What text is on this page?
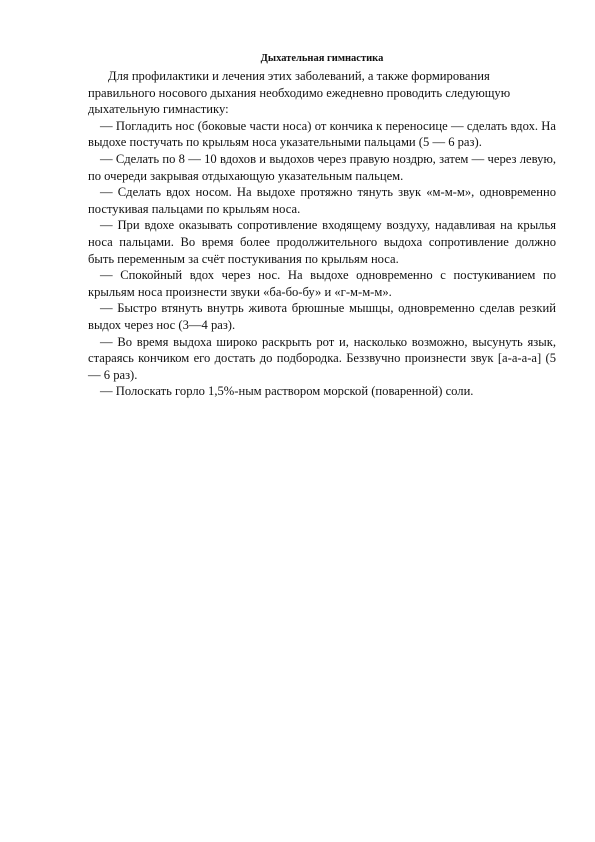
Дыхательная гимнастика

Для профилактики и лечения этих заболеваний, а также формирования правильного носового дыхания необходимо ежедневно проводить следующую дыхательную гимнастику:

— Погладить нос (боковые части носа) от кончика к переносице — сделать вдох. На выдохе постучать по крыльям носа указательными пальцами (5 — 6 раз).

— Сделать по 8 — 10 вдохов и выдохов через правую ноздрю, затем — через левую, по очереди закрывая отдыхающую указательным пальцем.

— Сделать вдох носом. На выдохе протяжно тянуть звук «м-м-м», одновременно постукивая пальцами по крыльям носа.

— При вдохе оказывать сопротивление входящему воздуху, надавливая на крылья носа пальцами. Во время более продолжительного выдоха сопротивление должно быть переменным за счёт постукивания по крыльям носа.

— Спокойный вдох через нос. На выдохе одновременно с постукиванием по крыльям носа произнести звуки «ба-бо-бу» и «г-м-м-м».

— Быстро втянуть внутрь живота брюшные мышцы, одновременно сделав резкий выдох через нос (3—4 раз).

— Во время выдоха широко раскрыть рот и, насколько возможно, высунуть язык, стараясь кончиком его достать до подбородка. Беззвучно произнести звук [а-а-а-а] (5 — 6 раз).

— Полоскать горло 1,5%-ным раствором морской (поваренной) соли.
